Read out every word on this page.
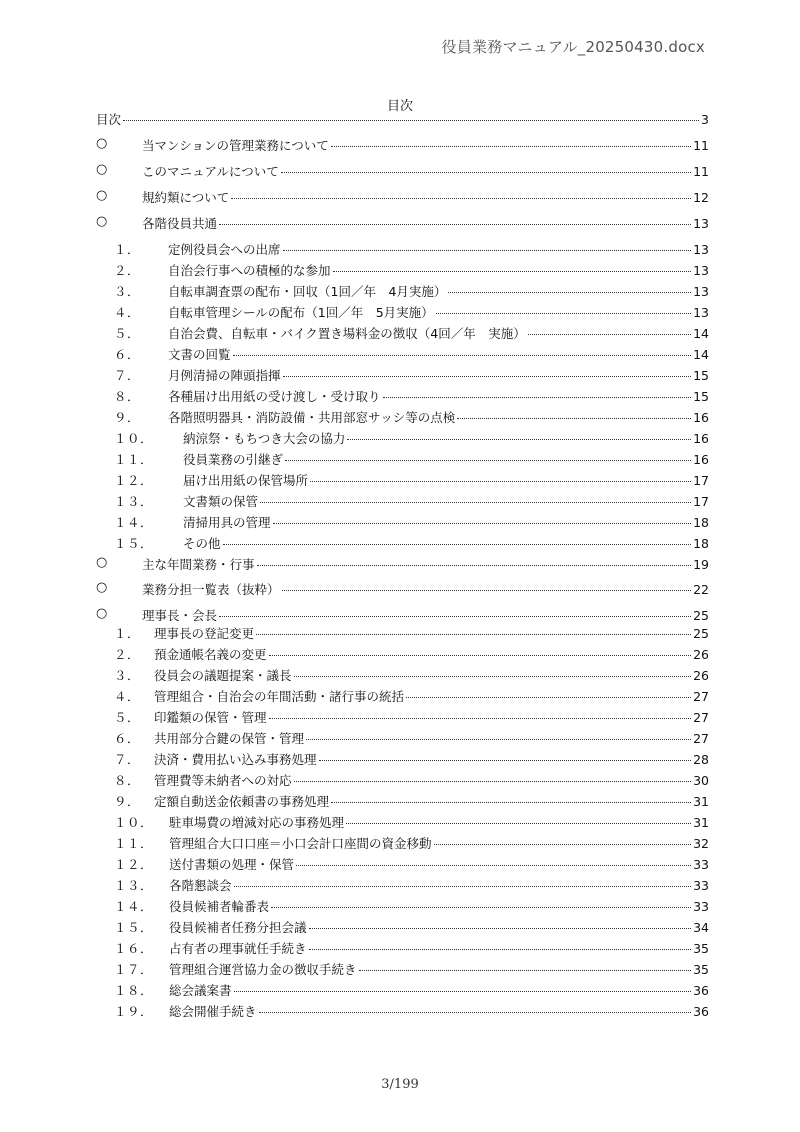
役員業務マニュアル_20250430.docx
目次
目次	3
○	当マンションの管理業務について	11
○	このマニュアルについて	11
○	規約類について	12
○	各階役員共通	13
１． 定例役員会への出席	13
２． 自治会行事への積極的な参加	13
３． 自転車調査票の配布・回収（1回／年　4月実施）	13
４． 自転車管理シールの配布（1回／年　5月実施）	13
５． 自治会費、自転車・バイク置き場料金の徴収（4回／年　実施）	14
６． 文書の回覧	14
７． 月例清掃の陣頭指揮	15
８． 各種届け出用紙の受け渡し・受け取り	15
９． 各階照明器具・消防設備・共用部窓サッシ等の点検	16
１０． 納涼祭・もちつき大会の協力	16
１１． 役員業務の引継ぎ	16
１２． 届け出用紙の保管場所	17
１３． 文書類の保管	17
１４． 清掃用具の管理	18
１５． その他	18
○	主な年間業務・行事	19
○	業務分担一覧表（抜粋）	22
○	理事長・会長	25
１． 理事長の登記変更	25
２． 預金通帳名義の変更	26
３． 役員会の議題提案・議長	26
４． 管理組合・自治会の年間活動・諸行事の統括	27
５． 印鑑類の保管・管理	27
６． 共用部分合鍵の保管・管理	27
７． 決済・費用払い込み事務処理	28
８． 管理費等未納者への対応	30
９． 定額自動送金依頼書の事務処理	31
１０． 駐車場費の増減対応の事務処理	31
１１． 管理組合大口口座＝小口会計口座間の資金移動	32
１２． 送付書類の処理・保管	33
１３． 各階懇談会	33
１４． 役員候補者輪番表	33
１５． 役員候補者任務分担会議	34
１６． 占有者の理事就任手続き	35
１７． 管理組合運営協力金の徴収手続き	35
１８． 総会議案書	36
１９． 総会開催手続き	36
3/199
